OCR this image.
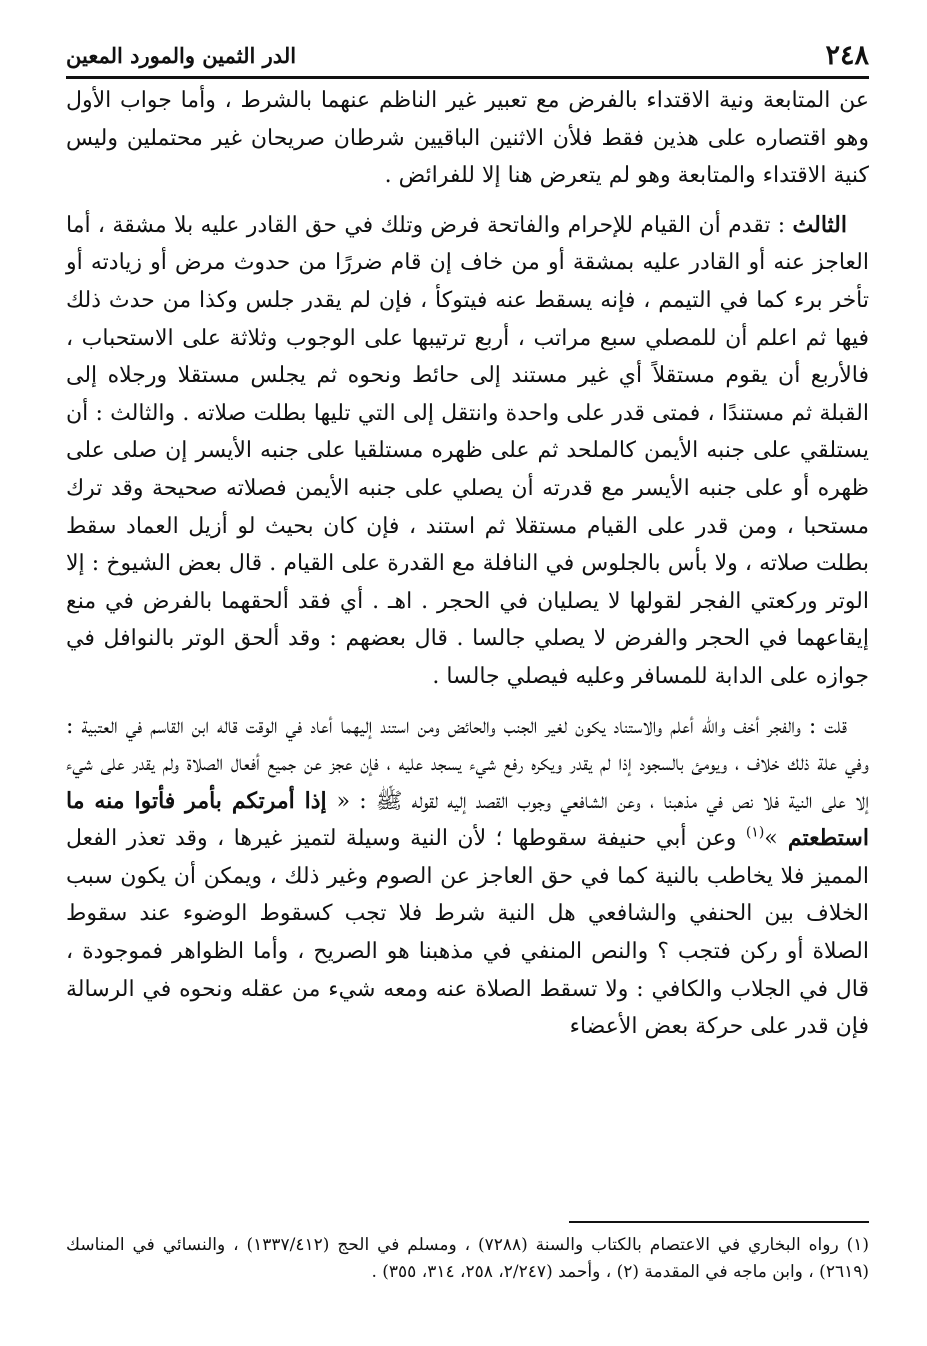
٢٤٨
الدر الثمين والمورد المعين

عن المتابعة ونية الاقتداء بالفرض مع تعبير غير الناظم عنهما بالشرط ، وأما جواب الأول وهو اقتصاره على هذين فقط فلأن الاثنين الباقيين شرطان صريحان غير محتملين وليس كنية الاقتداء والمتابعة وهو لم يتعرض هنا إلا للفرائض .

الثالث : تقدم أن القيام للإحرام والفاتحة فرض وتلك في حق القادر عليه بلا مشقة ، أما العاجز عنه أو القادر عليه بمشقة أو من خاف إن قام ضررًا من حدوث مرض أو زيادته أو تأخر برء كما في التيمم ، فإنه يسقط عنه فيتوكأ ، فإن لم يقدر جلس وكذا من حدث ذلك فيها ثم اعلم أن للمصلي سبع مراتب ، أربع ترتيبها على الوجوب وثلاثة على الاستحباب ، فالأربع أن يقوم مستقلاً أي غير مستند إلى حائط ونحوه ثم يجلس مستقلا ورجلاه إلى القبلة ثم مستندًا ، فمتى قدر على واحدة وانتقل إلى التي تليها بطلت صلاته . والثالث : أن يستلقي على جنبه الأيمن كالملحد ثم على ظهره مستلقيا على جنبه الأيسر إن صلى على ظهره أو على جنبه الأيسر مع قدرته أن يصلي على جنبه الأيمن فصلاته صحيحة وقد ترك مستحبا ، ومن قدر على القيام مستقلا ثم استند ، فإن كان بحيث لو أزيل العماد سقط بطلت صلاته ، ولا بأس بالجلوس في النافلة مع القدرة على القيام . قال بعض الشيوخ : إلا الوتر وركعتي الفجر لقولها لا يصليان في الحجر . اهـ . أي فقد ألحقهما بالفرض في منع إيقاعهما في الحجر والفرض لا يصلي جالسا . قال بعضهم : وقد ألحق الوتر بالنوافل في جوازه على الدابة للمسافر وعليه فيصلي جالسا .

قلت : والفجر أخف والله أعلم والاستناد يكون لغير الجنب والحائض ومن استند إليهما أعاد في الوقت قاله ابن القاسم في العتبية : وفي علة ذلك خلاف ، ويومئ بالسجود إذا لم يقدر ويكره رفع شيء يسجد عليه ، فإن عجز عن جميع أفعال الصلاة ولم يقدر على شيء إلا على النية فلا نص في مذهبنا ، وعن الشافعي وجوب القصد إليه لقوله ﷺ : « إذا أمرتكم بأمر فأتوا منه ما استطعتم »$^{(١)}$ وعن أبي حنيفة سقوطها ؛ لأن النية وسيلة لتميز غيرها ، وقد تعذر الفعل المميز فلا يخاطب بالنية كما في حق العاجز عن الصوم وغير ذلك ، ويمكن أن يكون سبب الخلاف بين الحنفي والشافعي هل النية شرط فلا تجب كسقوط الوضوء عند سقوط الصلاة أو ركن فتجب ؟ والنص المنفي في مذهبنا هو الصريح ، وأما الظواهر فموجودة ، قال في الجلاب والكافي : ولا تسقط الصلاة عنه ومعه شيء من عقله ونحوه في الرسالة فإن قدر على حركة بعض الأعضاء

(١) رواه البخاري في الاعتصام بالكتاب والسنة (٧٢٨٨) ، ومسلم في الحج (١٣٣٧/٤١٢) ، والنسائي في المناسك (٢٦١٩) ، وابن ماجه في المقدمة (٢) ، وأحمد (٢/٢٤٧، ٢٥٨، ٣١٤، ٣٥٥) .
